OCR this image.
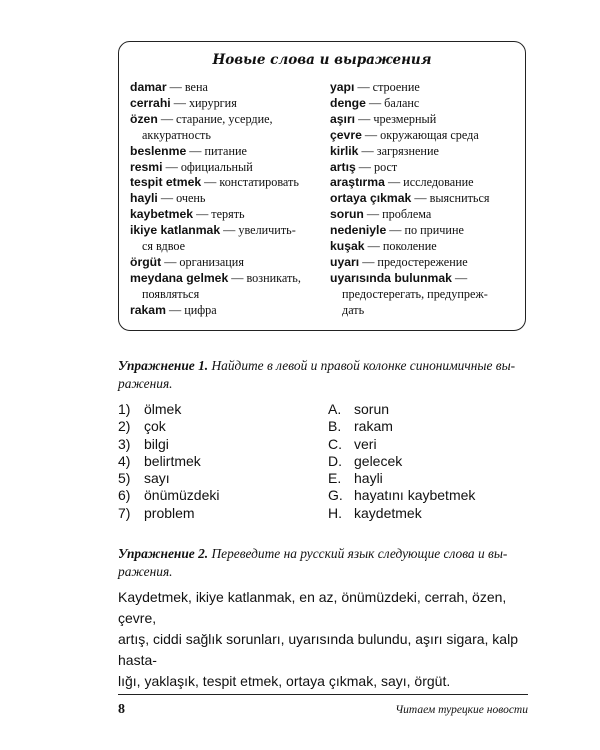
Новые слова и выражения
damar — вена
cerrahi — хирургия
özen — старание, усердие,
аккуратность
beslenme — питание
resmi — официальный
tespit etmek — констатировать
hayli — очень
kaybetmek — терять
ikiye katlanmak — увеличить-
ся вдвое
örgüt — организация
meydana gelmek — возникать,
появляться
rakam — цифра
yapı — строение
denge — баланс
aşırı — чрезмерный
çevre — окружающая среда
kirlik — загрязнение
artış — рост
araştırma — исследование
ortaya çıkmak — выясниться
sorun — проблема
nedeniyle — по причине
kuşak — поколение
uyarı — предостережение
uyarısında bulunmak —
предостерегать, предупреж-
дать
Упражнение 1. Найдите в левой и правой колонке синонимичные вы-
ражения.
1) ölmek
2) çok
3) bilgi
4) belirtmek
5) sayı
6) önümüzdeki
7) problem
A. sorun
B. rakam
C. veri
D. gelecek
E. hayli
G. hayatını kaybetmek
H. kaydetmek
Упражнение 2. Переведите на русский язык следующие слова и вы-
ражения.
Kaydetmek, ikiye katlanmak, en az, önümüzdeki, cerrah, özen, çevre,
artış, ciddi sağlık sorunları, uyarısında bulundu, aşırı sigara, kalp hasta-
lığı, yaklaşık, tespit etmek, ortaya çıkmak, sayı, örgüt.
8	Читаем турецкие новости
